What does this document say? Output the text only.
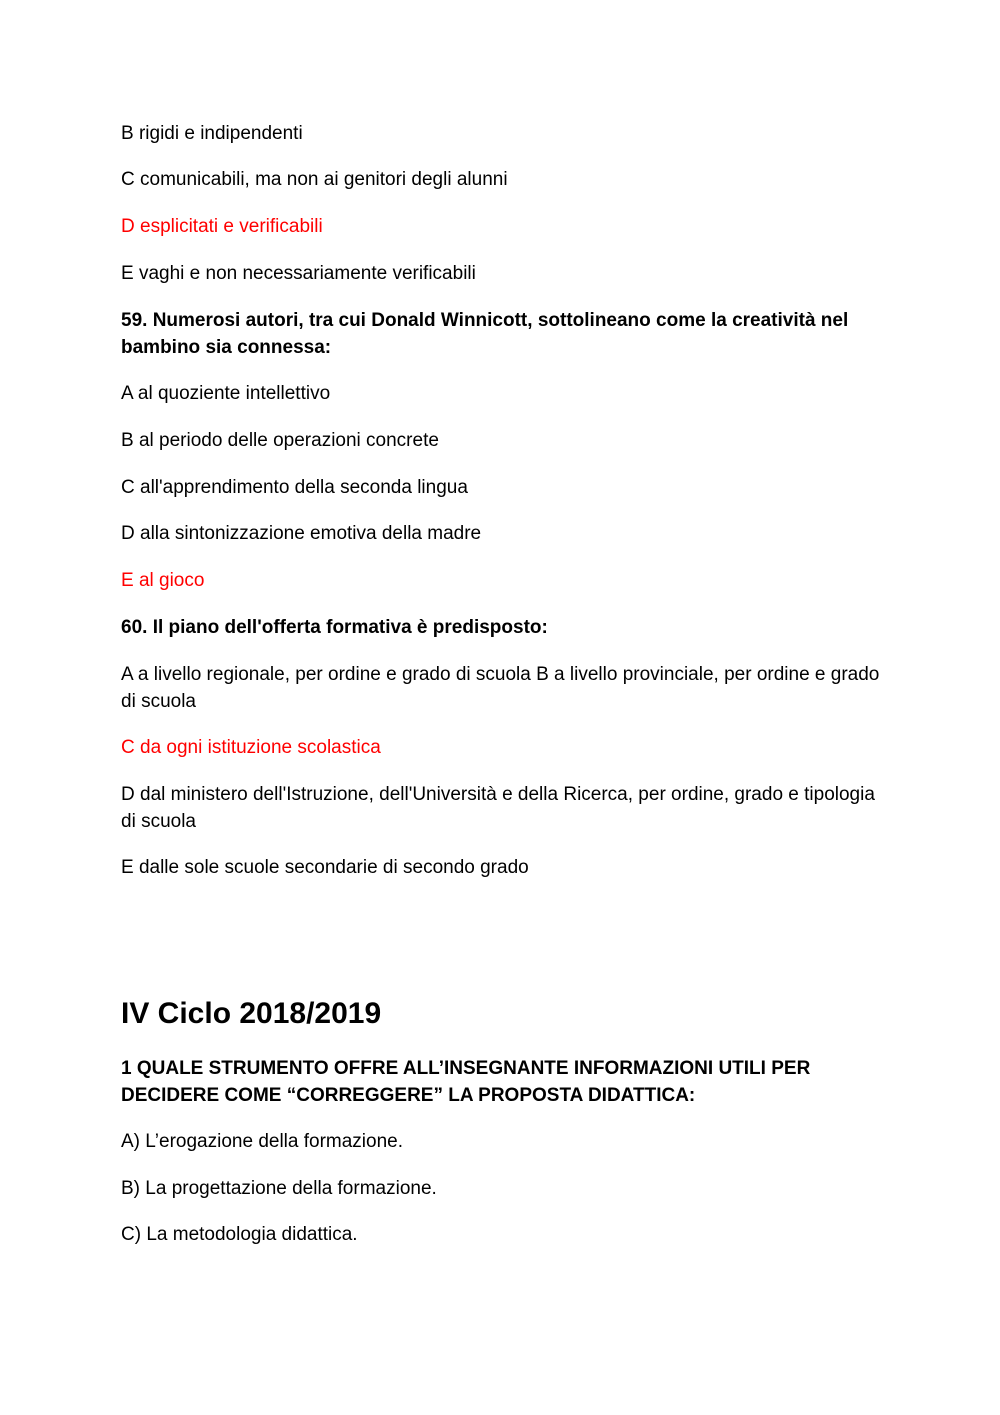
B rigidi e indipendenti

C comunicabili, ma non ai genitori degli alunni

D esplicitati e verificabili

E vaghi e non necessariamente verificabili

59. Numerosi autori, tra cui Donald Winnicott, sottolineano come la creatività nel bambino sia connessa:

A al quoziente intellettivo

B al periodo delle operazioni concrete

C all'apprendimento della seconda lingua

D alla sintonizzazione emotiva della madre

E al gioco

60. Il piano dell'offerta formativa è predisposto:

A a livello regionale, per ordine e grado di scuola B a livello provinciale, per ordine e grado di scuola

C da ogni istituzione scolastica

D dal ministero dell'Istruzione, dell'Università e della Ricerca, per ordine, grado e tipologia di scuola

E dalle sole scuole secondarie di secondo grado

IV Ciclo 2018/2019

1 QUALE STRUMENTO OFFRE ALL’INSEGNANTE INFORMAZIONI UTILI PER DECIDERE COME “CORREGGERE” LA PROPOSTA DIDATTICA:

A) L’erogazione della formazione.

B) La progettazione della formazione.

C) La metodologia didattica.
